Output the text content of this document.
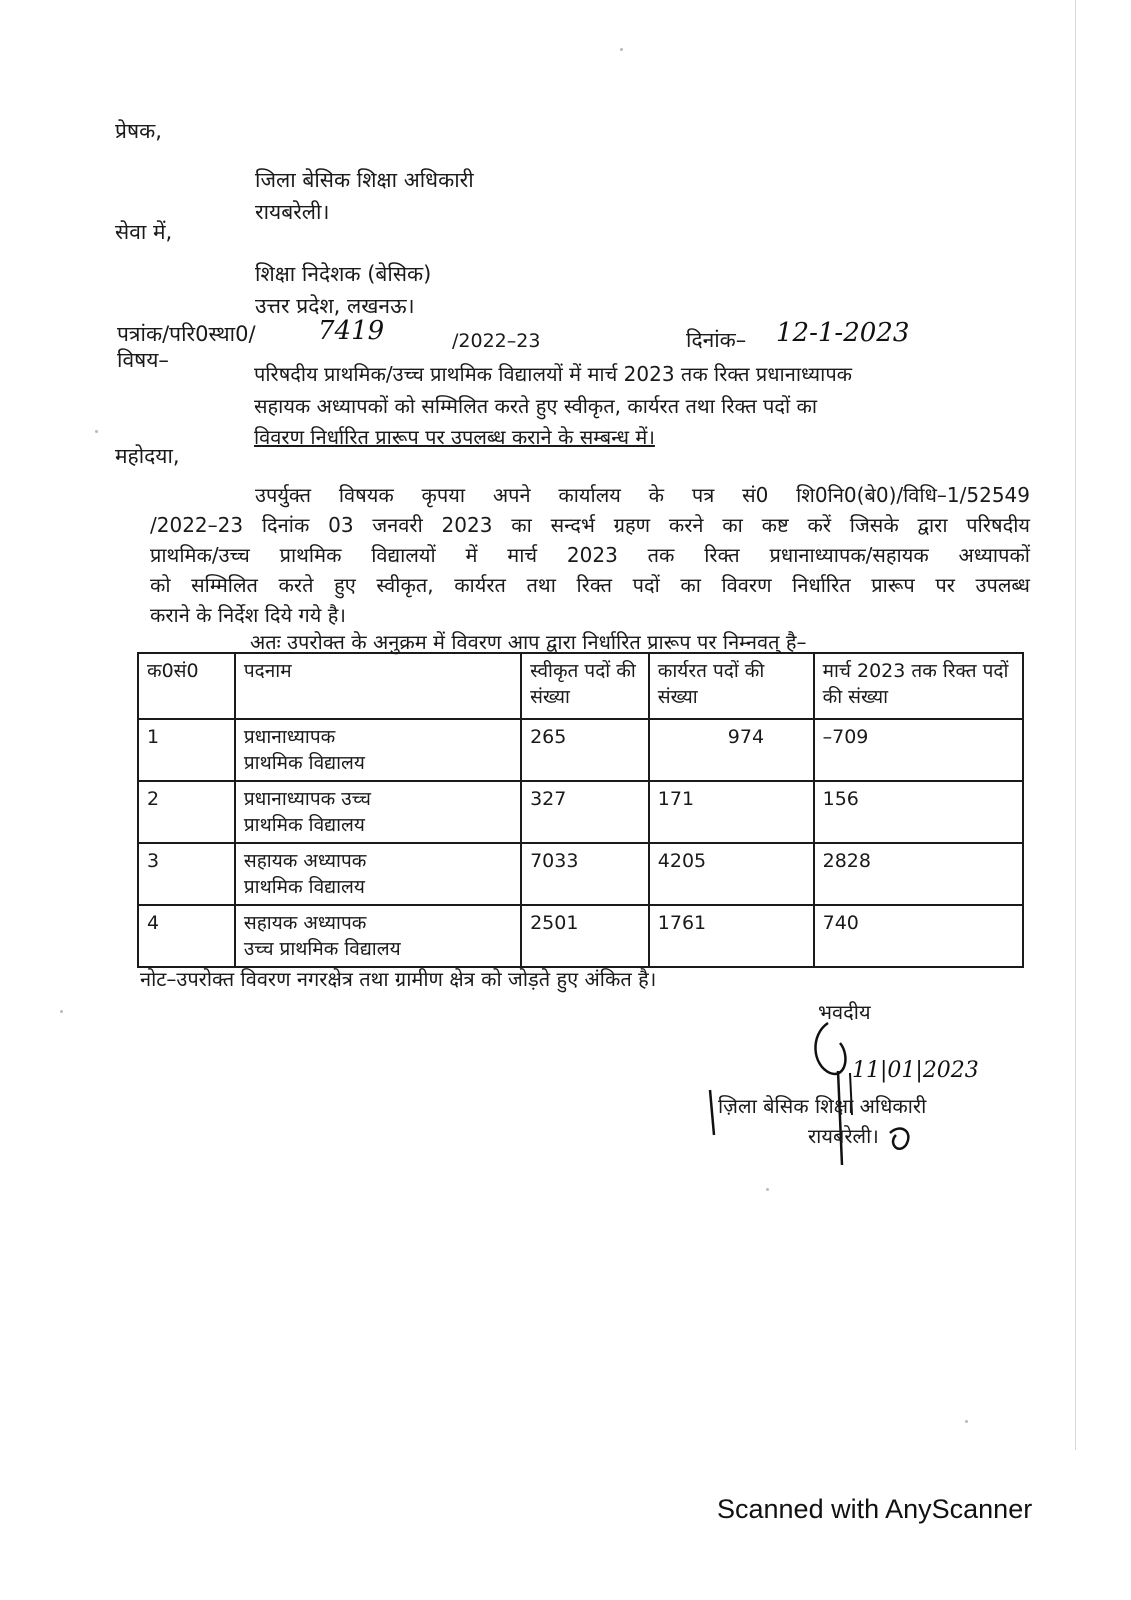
प्रेषक,
जिला बेसिक शिक्षा अधिकारी
रायबरेली।
सेवा में,
शिक्षा निदेशक (बेसिक)
उत्तर प्रदेश, लखनऊ।
पत्रांक/परि0स्था0/ 7419	/2022–23	दिनांक– 12-1-2023
विषय–
परिषदीय प्राथमिक/उच्च प्राथमिक विद्यालयों में मार्च 2023 तक रिक्त प्रधानाध्यापक
सहायक अध्यापकों को सम्मिलित करते हुए स्वीकृत, कार्यरत तथा रिक्त पदों का
विवरण निर्धारित प्रारूप पर उपलब्ध कराने के सम्बन्ध में।
महोदया,
उपर्युक्त विषयक कृपया अपने कार्यालय के पत्र सं0 शि0नि0(बे0)/विधि–1/52549
/2022–23 दिनांक 03 जनवरी 2023 का सन्दर्भ ग्रहण करने का कष्ट करें जिसके द्वारा परिषदीय
प्राथमिक/उच्च प्राथमिक विद्यालयों में मार्च 2023 तक रिक्त प्रधानाध्यापक/सहायक अध्यापकों
को सम्मिलित करते हुए स्वीकृत, कार्यरत तथा रिक्त पदों का विवरण निर्धारित प्रारूप पर उपलब्ध
कराने के निर्देश दिये गये है।
अतः उपरोक्त के अनुक्रम में विवरण आप द्वारा निर्धारित प्रारूप पर निम्नवत् है–
क0सं0	पदनाम	स्वीकृत पदों की संख्या	कार्यरत पदों की संख्या	मार्च 2023 तक रिक्त पदों की संख्या
1	प्रधानाध्यापक
प्राथमिक विद्यालय	265	974	–709
2	प्रधानाध्यापक उच्च
प्राथमिक विद्यालय	327	171	156
3	सहायक अध्यापक
प्राथमिक विद्यालय	7033	4205	2828
4	सहायक अध्यापक
उच्च प्राथमिक विद्यालय	2501	1761	740
नोट–उपरोक्त विवरण नगरक्षेत्र तथा ग्रामीण क्षेत्र को जोड़ते हुए अंकित है।
भवदीय
11|01|2023
ज़िला बेसिक शिक्षा अधिकारी
रायबरेली।
Scanned with AnyScanner
